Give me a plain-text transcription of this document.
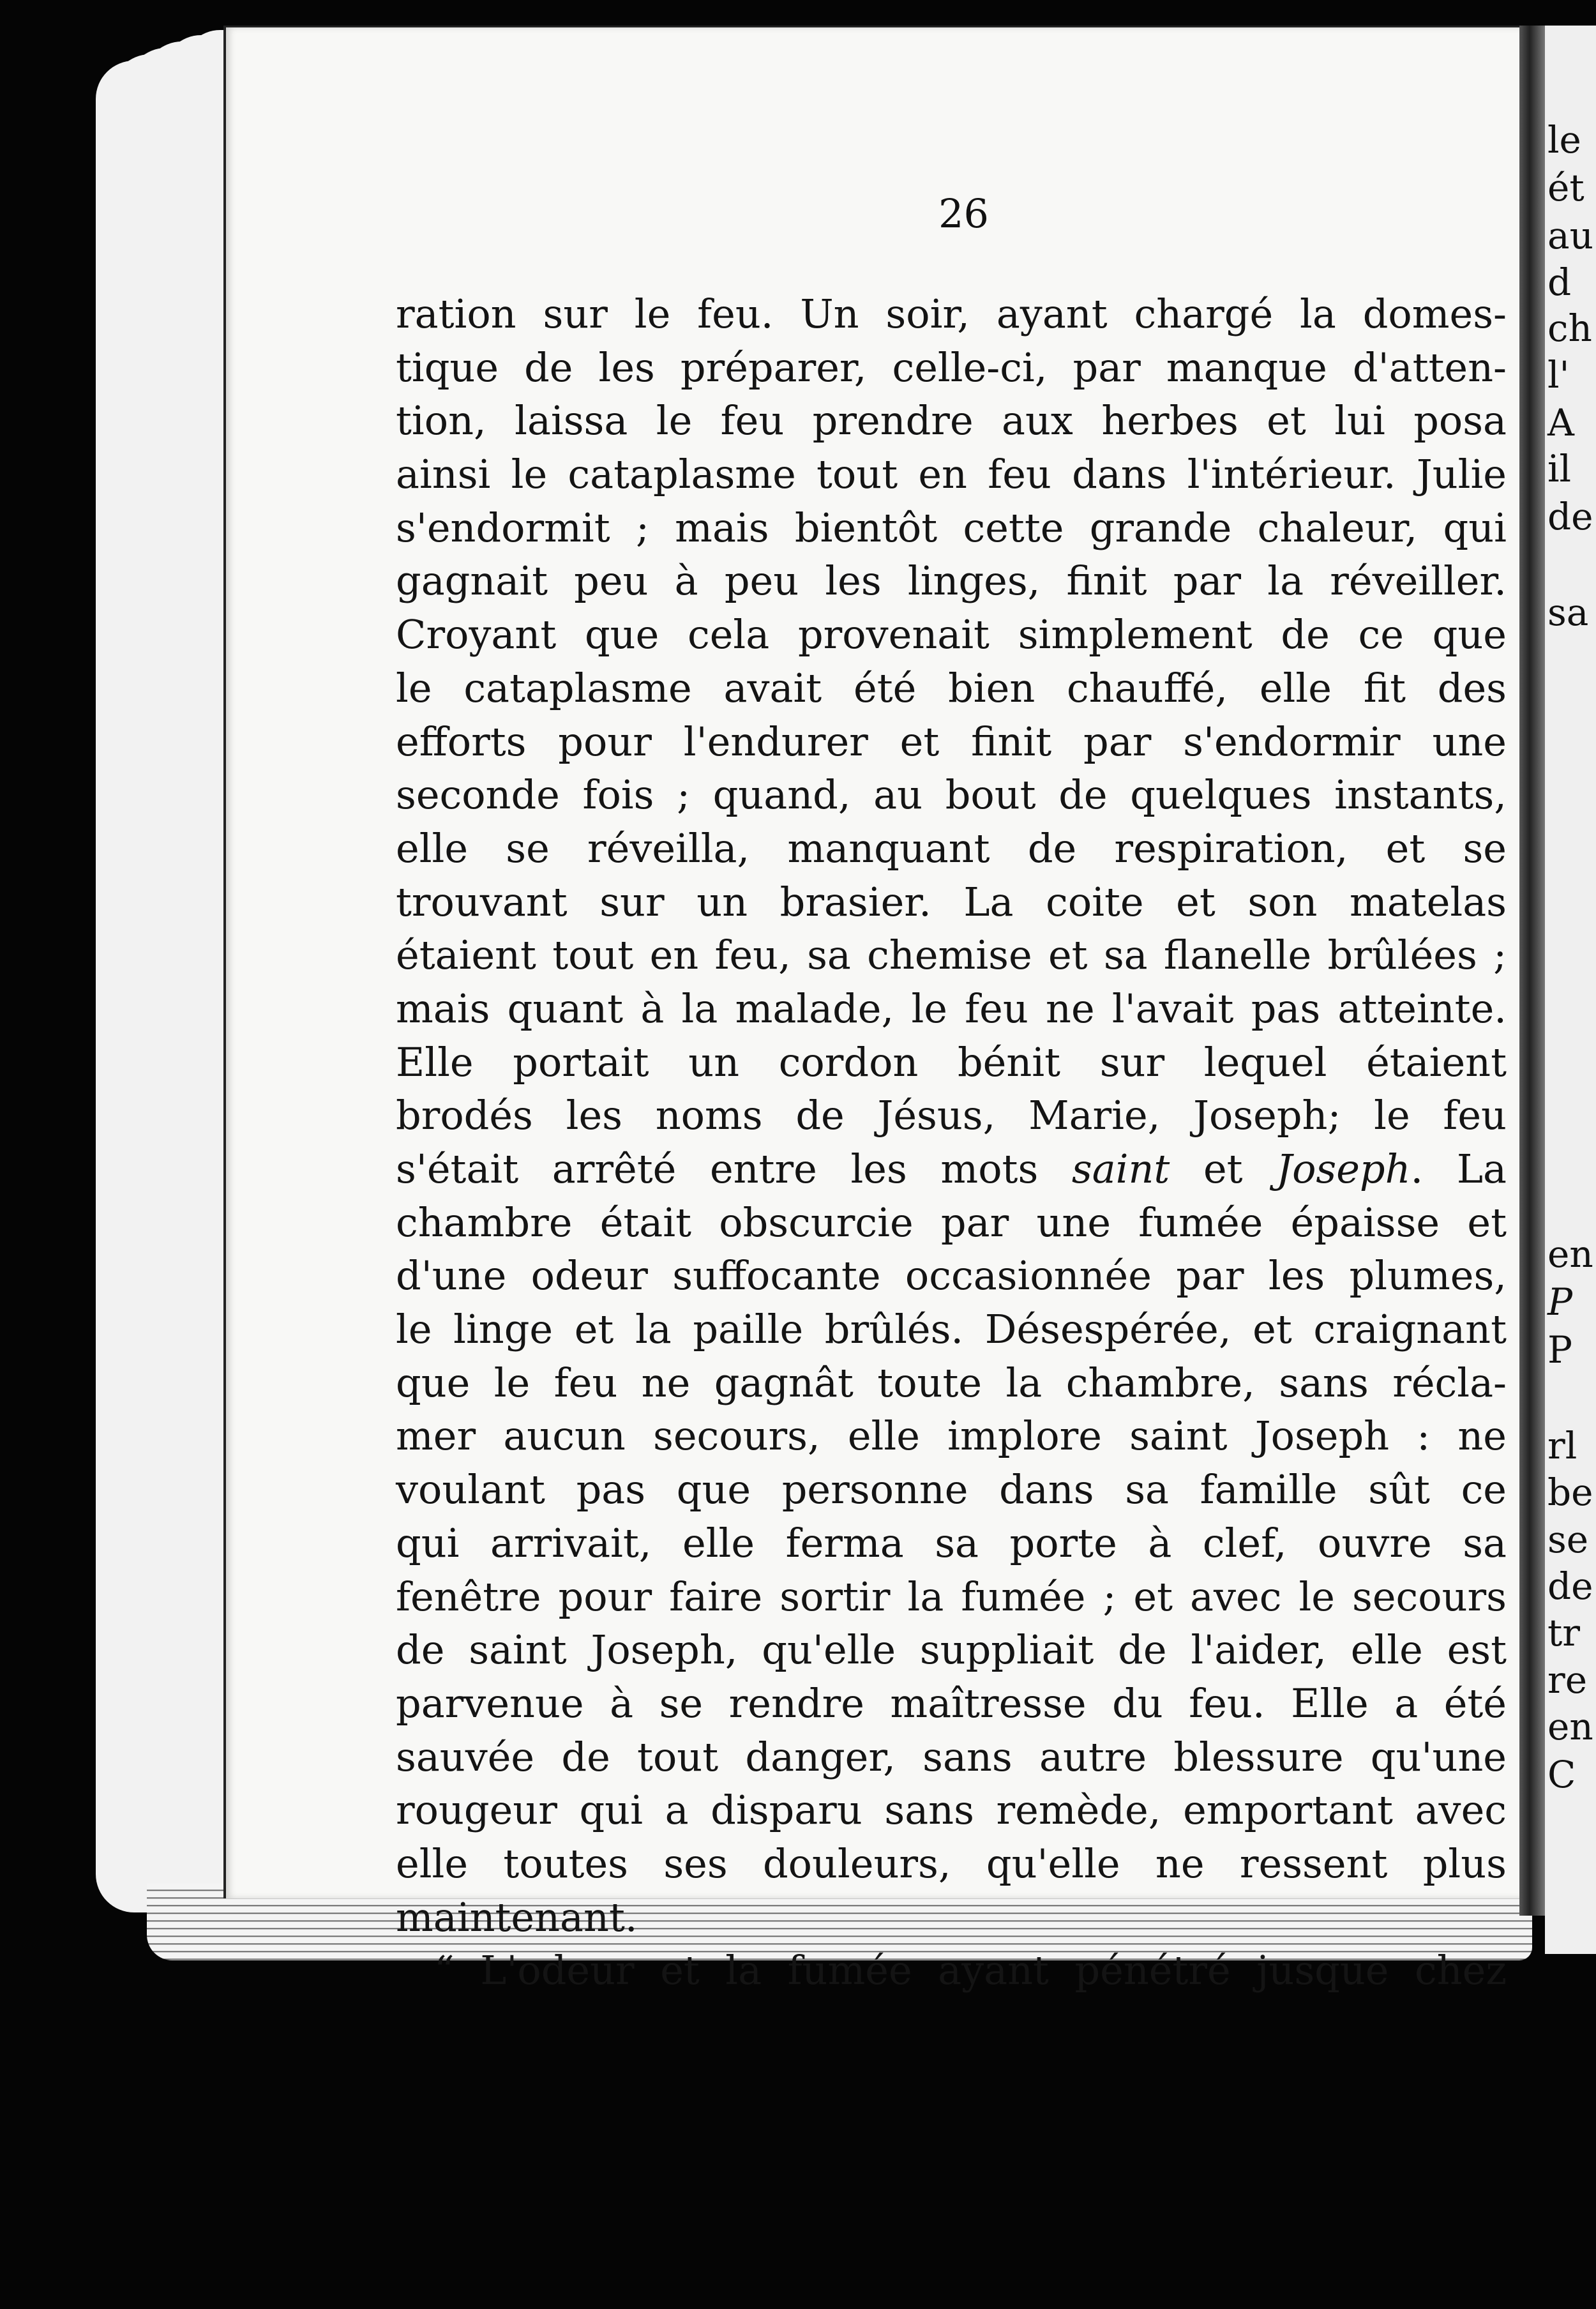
le
ét
au
d
ch
l'
A
il
de
sa
en
P
P
rl
be
se
de
tr
re
en
C
26
ration sur le feu. Un soir, ayant chargé la domes-
tique de les préparer, celle-ci, par manque d'atten-
tion, laissa le feu prendre aux herbes et lui posa
ainsi le cataplasme tout en feu dans l'intérieur. Julie
s'endormit ; mais bientôt cette grande chaleur, qui
gagnait peu à peu les linges, finit par la réveiller.
Croyant que cela provenait simplement de ce que
le cataplasme avait été bien chauffé, elle fit des
efforts pour l'endurer et finit par s'endormir une
seconde fois ; quand, au bout de quelques instants,
elle se réveilla, manquant de respiration, et se
trouvant sur un brasier. La coite et son matelas
étaient tout en feu, sa chemise et sa flanelle brûlées ;
mais quant à la malade, le feu ne l'avait pas atteinte.
Elle portait un cordon bénit sur lequel étaient
brodés les noms de Jésus, Marie, Joseph; le feu
s'était arrêté entre les mots saint et Joseph. La
chambre était obscurcie par une fumée épaisse et
d'une odeur suffocante occasionnée par les plumes,
le linge et la paille brûlés. Désespérée, et craignant
que le feu ne gagnât toute la chambre, sans récla-
mer aucun secours, elle implore saint Joseph : ne
voulant pas que personne dans sa famille sût ce
qui arrivait, elle ferma sa porte à clef, ouvre sa
fenêtre pour faire sortir la fumée ; et avec le secours
de saint Joseph, qu'elle suppliait de l'aider, elle est
parvenue à se rendre maîtresse du feu. Elle a été
sauvée de tout danger, sans autre blessure qu'une
rougeur qui a disparu sans remède, emportant avec
elle toutes ses douleurs, qu'elle ne ressent plus
maintenant.
“ L'odeur et la fumée ayant pénétré jusque chez
